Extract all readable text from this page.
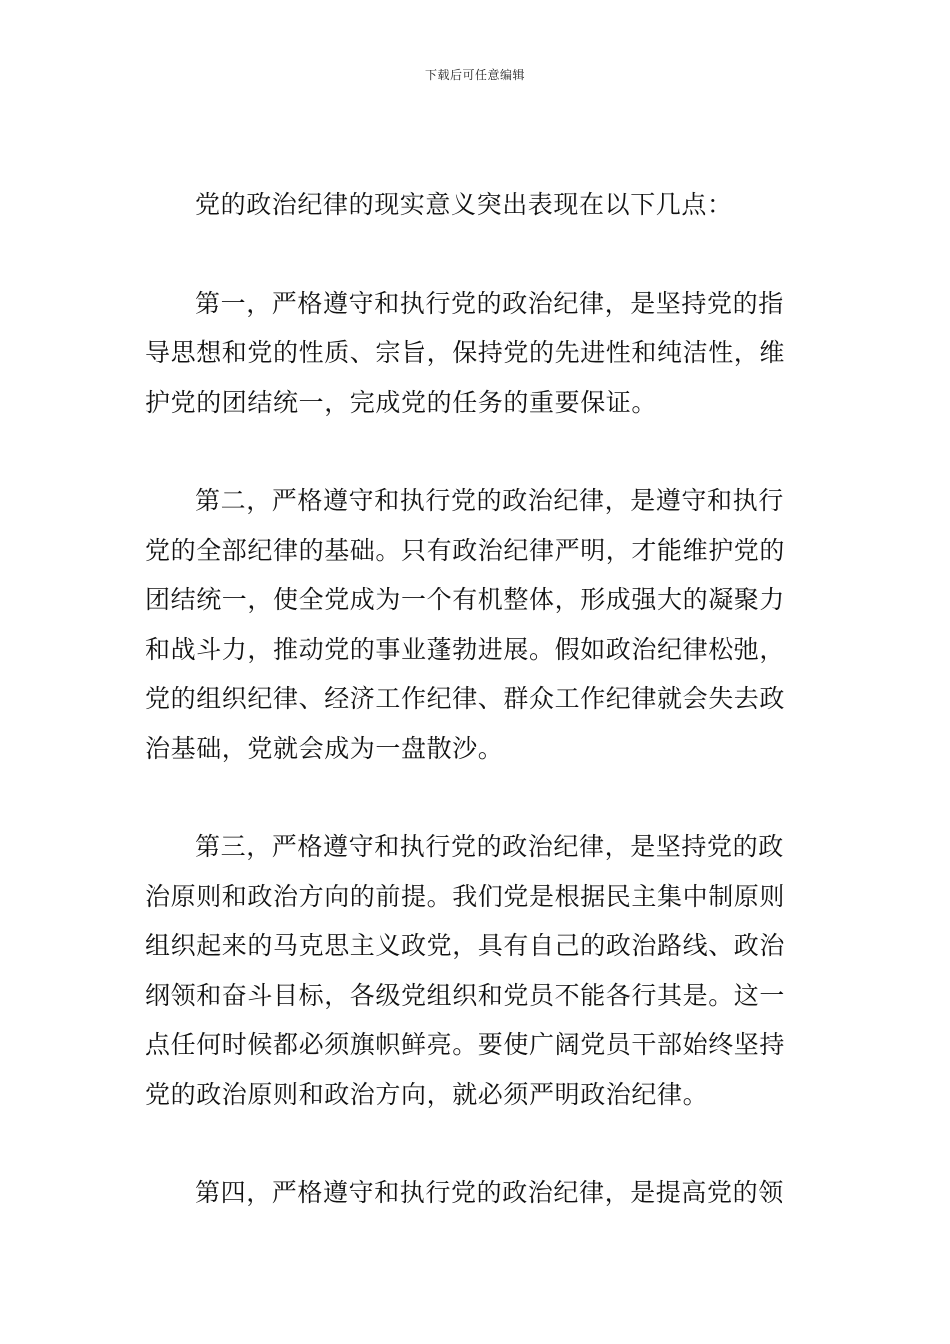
下载后可任意编辑

党的政治纪律的现实意义突出表现在以下几点：

第一，严格遵守和执行党的政治纪律，是坚持党的指
导思想和党的性质、宗旨，保持党的先进性和纯洁性，维
护党的团结统一，完成党的任务的重要保证。

第二，严格遵守和执行党的政治纪律，是遵守和执行
党的全部纪律的基础。只有政治纪律严明，才能维护党的
团结统一，使全党成为一个有机整体，形成强大的凝聚力
和战斗力，推动党的事业蓬勃进展。假如政治纪律松弛，
党的组织纪律、经济工作纪律、群众工作纪律就会失去政
治基础，党就会成为一盘散沙。

第三，严格遵守和执行党的政治纪律，是坚持党的政
治原则和政治方向的前提。我们党是根据民主集中制原则
组织起来的马克思主义政党，具有自己的政治路线、政治
纲领和奋斗目标，各级党组织和党员不能各行其是。这一
点任何时候都必须旗帜鲜亮。要使广阔党员干部始终坚持
党的政治原则和政治方向，就必须严明政治纪律。

第四，严格遵守和执行党的政治纪律，是提高党的领
